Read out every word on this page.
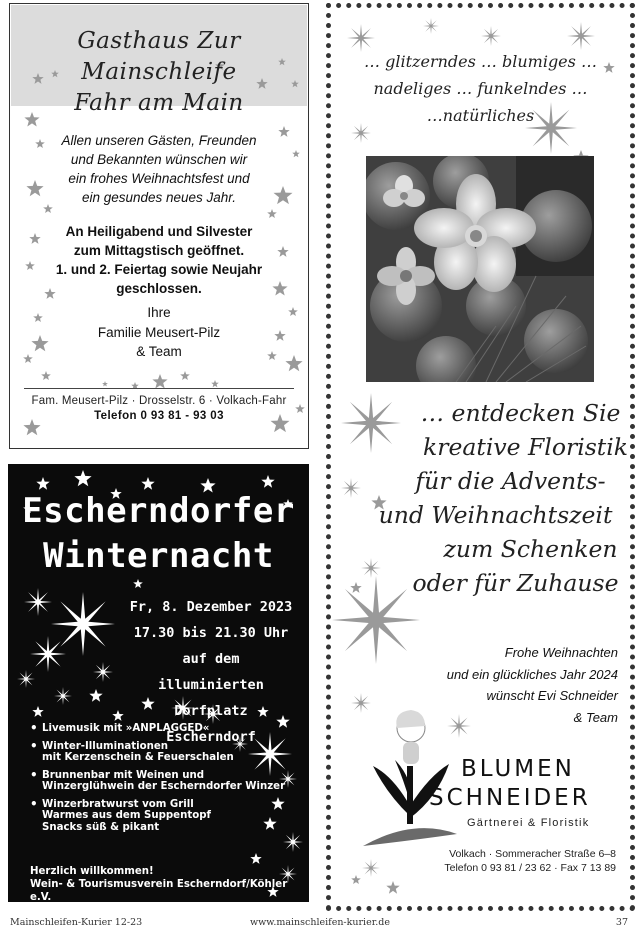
Gasthaus Zur Mainschleife
Fahr am Main
Allen unseren Gästen, Freunden
und Bekannten wünschen wir
ein frohes Weihnachtsfest und
ein gesundes neues Jahr.
An Heiligabend und Silvester
zum Mittagstisch geöffnet.
1. und 2. Feiertag sowie Neujahr
geschlossen.
Ihre
Familie Meusert-Pilz
& Team
Fam. Meusert-Pilz · Drosselstr. 6 · Volkach-Fahr
Telefon 0 93 81 - 93 03
Escherndorfer
Winternacht
Fr, 8. Dezember 2023
17.30 bis 21.30 Uhr
auf dem illuminierten
Dorfplatz Escherndorf
• Livemusik mit »ANPLAGGED«
• Winter-Illuminationen
mit Kerzenschein & Feuerschalen
• Brunnenbar mit Weinen und
Winzerglühwein der Escherndorfer Winzer
• Winzerbratwurst vom Grill
Warmes aus dem Suppentopf
Snacks süß & pikant
Herzlich willkommen!
Wein- & Tourismusverein Escherndorf/Köhler e.V.
… glitzerndes … blumiges …
nadeliges … funkelndes …
…natürliches
… entdecken Sie
kreative Floristik
für die Advents-
und Weihnachtszeit
zum Schenken
oder für Zuhause
Frohe Weihnachten
und ein glückliches Jahr 2024
wünscht Evi Schneider
& Team
BLUMEN
SCHNEIDER
Gärtnerei & Floristik
Volkach · Sommeracher Straße 6–8
Telefon 0 93 81 / 23 62 · Fax 7 13 89
Mainschleifen-Kurier 12-23	www.mainschleifen-kurier.de	37
